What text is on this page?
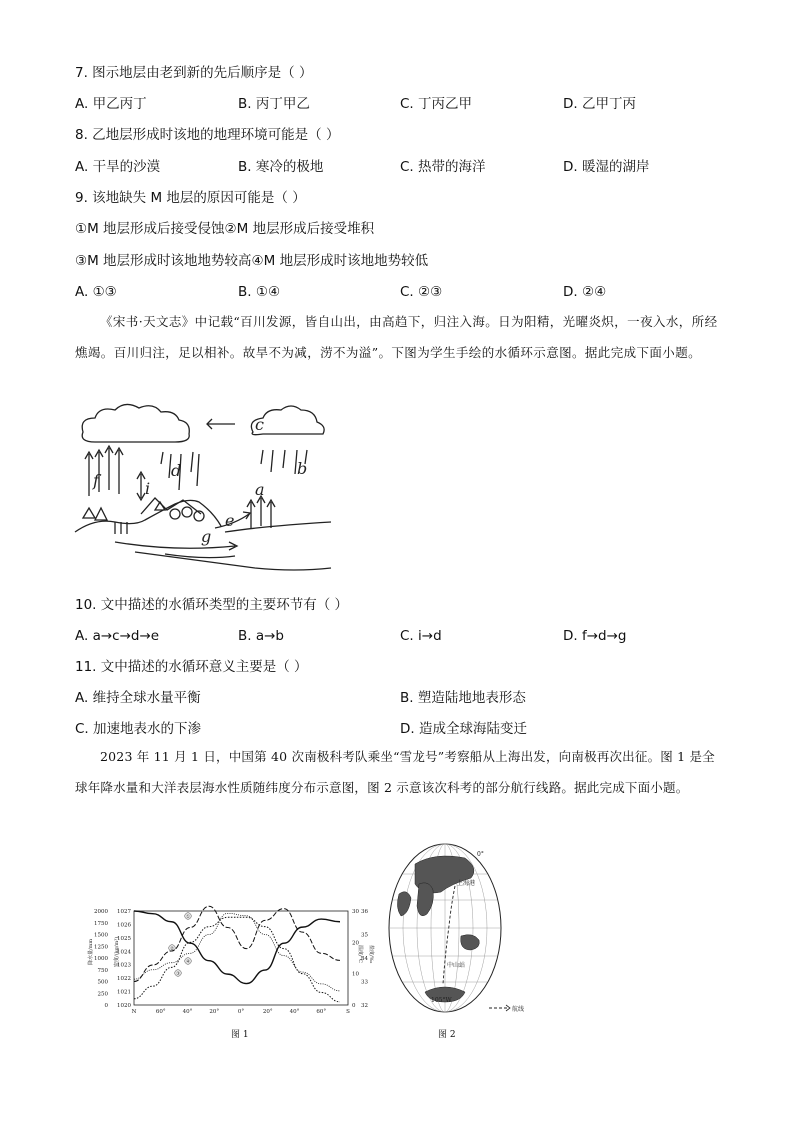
7. 图示地层由老到新的先后顺序是（ ）
A. 甲乙丙丁	B. 丙丁甲乙	C. 丁丙乙甲	D. 乙甲丁丙
8. 乙地层形成时该地的地理环境可能是（ ）
A. 干旱的沙漠	B. 寒冷的极地	C. 热带的海洋	D. 暖湿的湖岸
9. 该地缺失 M 地层的原因可能是（ ）
①M 地层形成后接受侵蚀②M 地层形成后接受堆积
③M 地层形成时该地地势较高④M 地层形成时该地地势较低
A. ①③	B. ①④	C. ②③	D. ②④
《宋书·天文志》中记载“百川发源，皆自山出，由高趋下，归注入海。日为阳精，光曜炎炽，一夜入水，所经燋竭。百川归注，足以相补。故旱不为减，涝不为溢”。下图为学生手绘的水循环示意图。据此完成下面小题。
c
d	b
f	i	a
e
g
10. 文中描述的水循环类型的主要环节有（ ）
A. a→c→d→e	B. a→b	C. i→d	D. f→d→g
11. 文中描述的水循环意义主要是（ ）
A. 维持全球水量平衡	B. 塑造陆地地表形态
C. 加速地表水的下渗	D. 造成全球海陆变迁
2023 年 11 月 1 日，中国第 40 次南极科考队乘坐“雪龙号”考察船从上海出发，向南极再次出征。图 1 是全球年降水量和大洋表层海水性质随纬度分布示意图，图 2 示意该次科考的部分航行线路。据此完成下面小题。
N	60°	40°	20°	0°	20°	40°	60°	S
0
250
500
750
1000
1250
1500
1750
2000
1020
1021
1022
1023
1024
1025
1026
1027
0
10
20
30
32
33
34
35
36
降水量/mm	密度/(kg/m³)	温度/°C 盐度/‰
①
②
③
④
图 1
上海港
中山站
105°W
0°
航线
图 2
